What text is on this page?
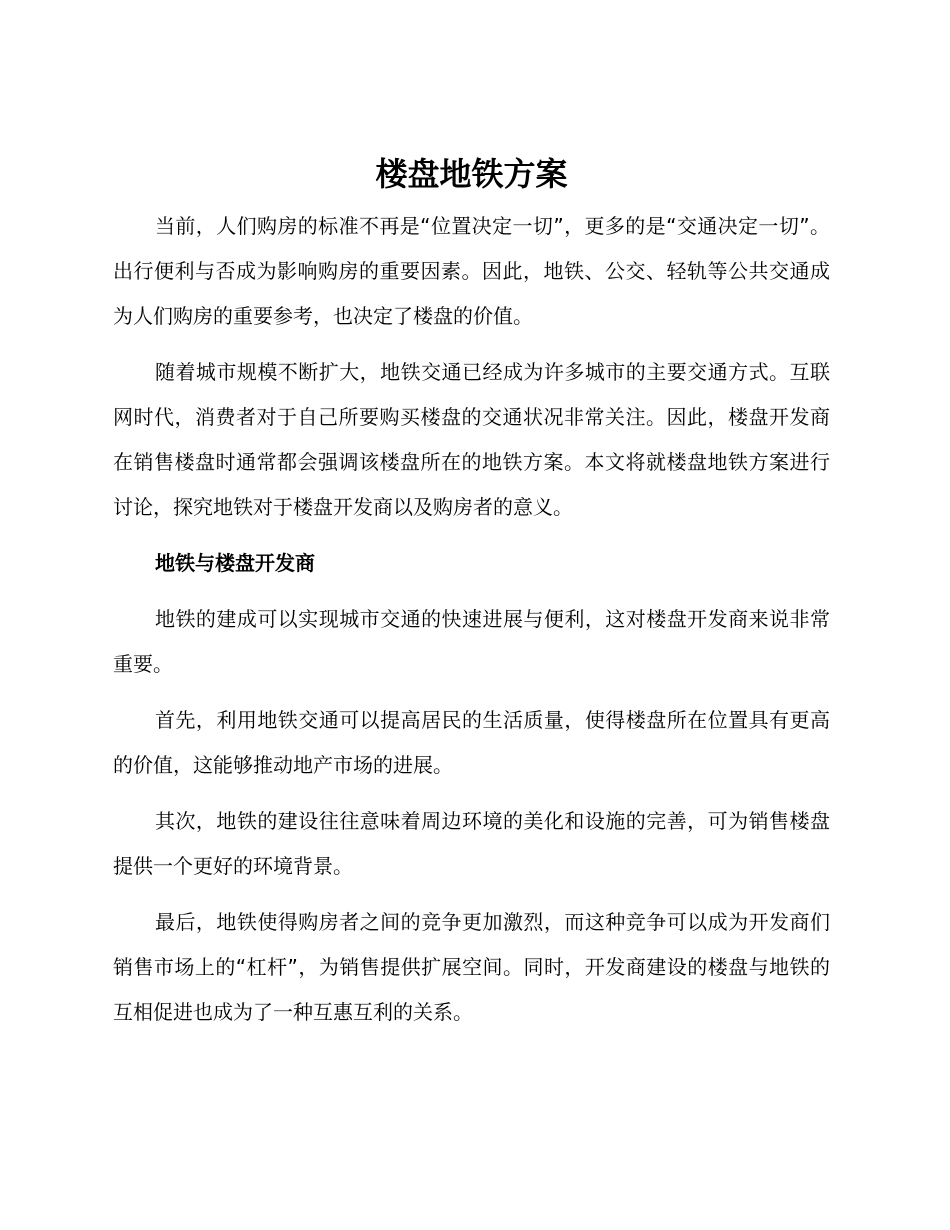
楼盘地铁方案

当前，人们购房的标准不再是“位置决定一切”，更多的是“交通决定一切”。出行便利与否成为影响购房的重要因素。因此，地铁、公交、轻轨等公共交通成为人们购房的重要参考，也决定了楼盘的价值。

随着城市规模不断扩大，地铁交通已经成为许多城市的主要交通方式。互联网时代，消费者对于自己所要购买楼盘的交通状况非常关注。因此，楼盘开发商在销售楼盘时通常都会强调该楼盘所在的地铁方案。本文将就楼盘地铁方案进行讨论，探究地铁对于楼盘开发商以及购房者的意义。

地铁与楼盘开发商

地铁的建成可以实现城市交通的快速进展与便利，这对楼盘开发商来说非常重要。

首先，利用地铁交通可以提高居民的生活质量，使得楼盘所在位置具有更高的价值，这能够推动地产市场的进展。

其次，地铁的建设往往意味着周边环境的美化和设施的完善，可为销售楼盘提供一个更好的环境背景。

最后，地铁使得购房者之间的竞争更加激烈，而这种竞争可以成为开发商们销售市场上的“杠杆”，为销售提供扩展空间。同时，开发商建设的楼盘与地铁的互相促进也成为了一种互惠互利的关系。
